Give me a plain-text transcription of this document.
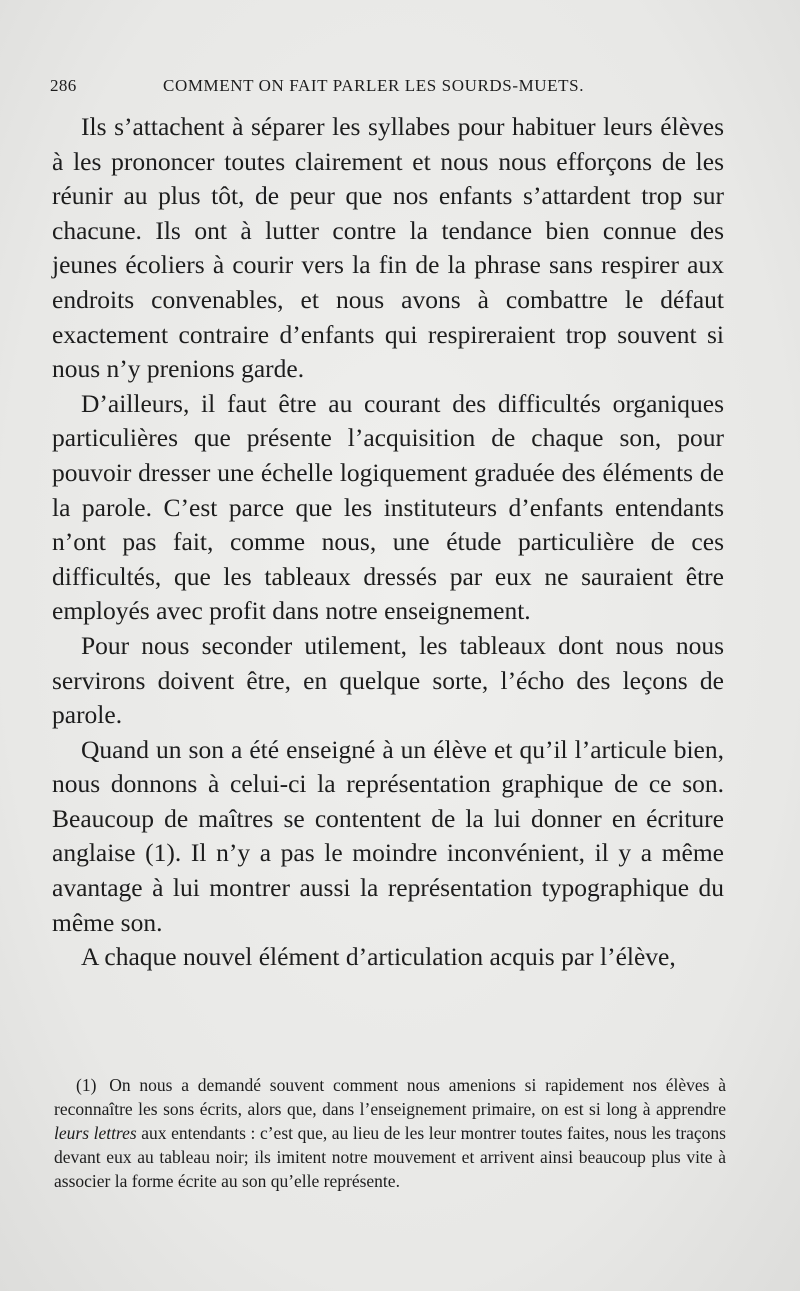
286	COMMENT ON FAIT PARLER LES SOURDS-MUETS.

Ils s’attachent à séparer les syllabes pour habituer leurs élèves à les prononcer toutes clairement et nous nous efforçons de les réunir au plus tôt, de peur que nos enfants s’attardent trop sur chacune. Ils ont à lutter contre la tendance bien connue des jeunes écoliers à courir vers la fin de la phrase sans respirer aux endroits convenables, et nous avons à combattre le défaut exactement contraire d’enfants qui respireraient trop souvent si nous n’y prenions garde.

D’ailleurs, il faut être au courant des difficultés organiques particulières que présente l’acquisition de chaque son, pour pouvoir dresser une échelle logiquement graduée des éléments de la parole. C’est parce que les instituteurs d’enfants entendants n’ont pas fait, comme nous, une étude particulière de ces difficultés, que les tableaux dressés par eux ne sauraient être employés avec profit dans notre enseignement.

Pour nous seconder utilement, les tableaux dont nous nous servirons doivent être, en quelque sorte, l’écho des leçons de parole.

Quand un son a été enseigné à un élève et qu’il l’articule bien, nous donnons à celui-ci la représentation graphique de ce son. Beaucoup de maîtres se contentent de la lui donner en écriture anglaise (1). Il n’y a pas le moindre inconvénient, il y a même avantage à lui montrer aussi la représentation typographique du même son.

A chaque nouvel élément d’articulation acquis par l’élève,

(1) On nous a demandé souvent comment nous amenions si rapidement nos élèves à reconnaître les sons écrits, alors que, dans l’enseignement primaire, on est si long à apprendre leurs lettres aux entendants : c’est que, au lieu de les leur montrer toutes faites, nous les traçons devant eux au tableau noir; ils imitent notre mouvement et arrivent ainsi beaucoup plus vite à associer la forme écrite au son qu’elle représente.
